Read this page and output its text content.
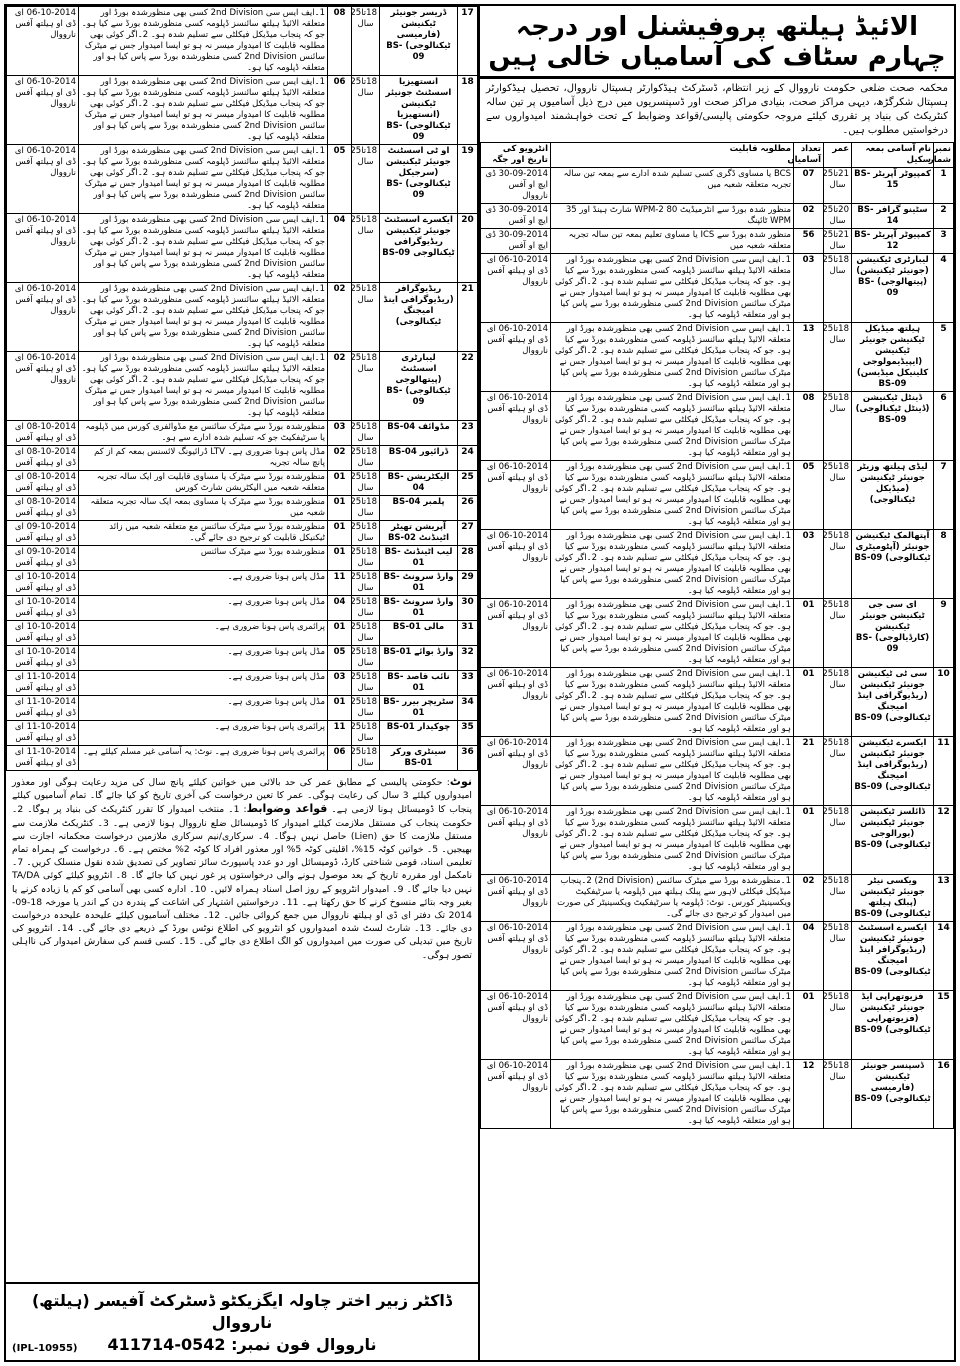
الائیڈ ہیلتھ پروفیشنل اور درجہ چہارم سٹاف کی آسامیاں خالی ہیں
محکمہ صحت ضلعی حکومت نارووال کے زیر انتظام، ڈسٹرکٹ ہیڈکوارٹر ہسپتال نارووال، تحصیل ہیڈکوارٹر ہسپتال شکرگڑھ، دیہی مراکز صحت، بنیادی مراکز صحت اور ڈسپنسریوں میں درج ذیل آسامیوں پر تین سالہ کنٹریکٹ کی بنیاد پر تقرری کیلئے مروجہ حکومتی پالیسی/قواعد وضوابط کے تحت خواہشمند امیدواروں سے درخواستیں مطلوب ہیں۔
نمبر شمار	نام آسامی بمعہ سکیل	عمر	تعداد آسامیاں	مطلوبہ قابلیت	انٹرویو کی تاریخ اور جگہ
1	کمپیوٹر آپریٹر BS-15	21تا25 سال	07	BCS یا مساوی ڈگری کسی تسلیم شدہ ادارے سے بمعہ تین سالہ تجربہ متعلقہ شعبہ میں	30-09-2014 ڈی ایچ او آفس نارووال
2	سٹینو گرافر BS-14	20تا25 سال	02	منظور شدہ بورڈ سے انٹرمیڈیٹ 80 WPM-2 شارٹ ہینڈ اور 35 WPM ٹائپنگ	30-09-2014 ڈی ایچ او آفس
3	کمپیوٹر آپریٹر BS-12	21تا25 سال	56	منظور شدہ بورڈ سے ICS یا مساوی تعلیم بمعہ تین سالہ تجربہ متعلقہ شعبہ میں	30-09-2014 ڈی ایچ او آفس
4	لیبارٹری ٹیکنیشن (جونیئر ٹیکنیشن) (پیتھالوجی) BS-09	18تا25 سال	03	1۔ایف ایس سی 2nd Division کسی بھی منظورشدہ بورڈ اور متعلقہ الائیڈ ہیلتھ سائنسز ڈپلومہ کسی منظورشدہ بورڈ سے کیا ہو۔ جو کہ پنجاب میڈیکل فیکلٹی سے تسلیم شدہ ہو۔ 2۔اگر کوئی بھی مطلوبہ قابلیت کا امیدوار میسر نہ ہو تو ایسا امیدوار جس نے میٹرک سائنس 2nd Division کسی منظورشدہ بورڈ سے پاس کیا ہو اور متعلقہ ڈپلومہ کیا ہو۔	06-10-2014 ای ڈی او ہیلتھ آفس نارووال
5	ہیلتھ میڈیکل ٹیکنیشن جونیئر ٹیکنیشن (ایپیڈیمولوجی کلینیکل میڈیسن) BS-09	18تا25 سال	13	1۔ایف ایس سی 2nd Division کسی بھی منظورشدہ بورڈ اور متعلقہ الائیڈ ہیلتھ سائنسز ڈپلومہ کسی منظورشدہ بورڈ سے کیا ہو۔ جو کہ پنجاب میڈیکل فیکلٹی سے تسلیم شدہ ہو۔ 2۔اگر کوئی بھی مطلوبہ قابلیت کا امیدوار میسر نہ ہو تو ایسا امیدوار جس نے میٹرک سائنس 2nd Division کسی منظورشدہ بورڈ سے پاس کیا ہو اور متعلقہ ڈپلومہ کیا ہو۔	06-10-2014 ای ڈی او ہیلتھ آفس نارووال
6	ڈینٹل ٹیکنیشن (ڈینٹل ٹیکنالوجی) BS-09	18تا25 سال	08	1۔ایف ایس سی 2nd Division کسی بھی منظورشدہ بورڈ اور متعلقہ الائیڈ ہیلتھ سائنسز ڈپلومہ کسی منظورشدہ بورڈ سے کیا ہو۔ جو کہ پنجاب میڈیکل فیکلٹی سے تسلیم شدہ ہو۔ 2۔اگر کوئی بھی مطلوبہ قابلیت کا امیدوار میسر نہ ہو تو ایسا امیدوار جس نے میٹرک سائنس 2nd Division کسی منظورشدہ بورڈ سے پاس کیا ہو اور متعلقہ ڈپلومہ کیا ہو۔	06-10-2014 ای ڈی او ہیلتھ آفس نارووال
7	لیڈی ہیلتھ وزیٹر جونیئر ٹیکنیشن (میڈیکل ٹیکنالوجی)	18تا25 سال	05	1۔ایف ایس سی 2nd Division کسی بھی منظورشدہ بورڈ اور متعلقہ الائیڈ ہیلتھ سائنسز ڈپلومہ کسی منظورشدہ بورڈ سے کیا ہو۔ جو کہ پنجاب میڈیکل فیکلٹی سے تسلیم شدہ ہو۔ 2۔اگر کوئی بھی مطلوبہ قابلیت کا امیدوار میسر نہ ہو تو ایسا امیدوار جس نے میٹرک سائنس 2nd Division کسی منظورشدہ بورڈ سے پاس کیا ہو اور متعلقہ ڈپلومہ کیا ہو۔	06-10-2014 ای ڈی او ہیلتھ آفس نارووال
8	آپتھالمک ٹیکنیشن جونیئر (آپٹومیٹری ٹیکنالوجی) BS-09	18تا25 سال	03	1۔ایف ایس سی 2nd Division کسی بھی منظورشدہ بورڈ اور متعلقہ الائیڈ ہیلتھ سائنسز ڈپلومہ کسی منظورشدہ بورڈ سے کیا ہو۔ جو کہ پنجاب میڈیکل فیکلٹی سے تسلیم شدہ ہو۔ 2۔اگر کوئی بھی مطلوبہ قابلیت کا امیدوار میسر نہ ہو تو ایسا امیدوار جس نے میٹرک سائنس 2nd Division کسی منظورشدہ بورڈ سے پاس کیا ہو اور متعلقہ ڈپلومہ کیا ہو۔	06-10-2014 ای ڈی او ہیلتھ آفس نارووال
9	ای سی جی ٹیکنیشن جونیئر ٹیکنیشن (کارڈیالوجی) BS-09	18تا25 سال	01	1۔ایف ایس سی 2nd Division کسی بھی منظورشدہ بورڈ اور متعلقہ الائیڈ ہیلتھ سائنسز ڈپلومہ کسی منظورشدہ بورڈ سے کیا ہو۔ جو کہ پنجاب میڈیکل فیکلٹی سے تسلیم شدہ ہو۔ 2۔اگر کوئی بھی مطلوبہ قابلیت کا امیدوار میسر نہ ہو تو ایسا امیدوار جس نے میٹرک سائنس 2nd Division کسی منظورشدہ بورڈ سے پاس کیا ہو اور متعلقہ ڈپلومہ کیا ہو۔	06-10-2014 ای ڈی او ہیلتھ آفس نارووال
10	سی ٹی ٹیکنیشن جونیئر ٹیکنیشن (ریڈیوگرافی اینڈ امیجنگ ٹیکنالوجی) BS-09	18تا25 سال	01	1۔ایف ایس سی 2nd Division کسی بھی منظورشدہ بورڈ اور متعلقہ الائیڈ ہیلتھ سائنسز ڈپلومہ کسی منظورشدہ بورڈ سے کیا ہو۔ جو کہ پنجاب میڈیکل فیکلٹی سے تسلیم شدہ ہو۔ 2۔اگر کوئی بھی مطلوبہ قابلیت کا امیدوار میسر نہ ہو تو ایسا امیدوار جس نے میٹرک سائنس 2nd Division کسی منظورشدہ بورڈ سے پاس کیا ہو اور متعلقہ ڈپلومہ کیا ہو۔	06-10-2014 ای ڈی او ہیلتھ آفس نارووال
11	ایکسرے ٹیکنیشن جونیئر ٹیکنیشن (ریڈیوگرافی اینڈ امیجنگ ٹیکنالوجی) BS-09	18تا25 سال	21	1۔ایف ایس سی 2nd Division کسی بھی منظورشدہ بورڈ اور متعلقہ الائیڈ ہیلتھ سائنسز ڈپلومہ کسی منظورشدہ بورڈ سے کیا ہو۔ جو کہ پنجاب میڈیکل فیکلٹی سے تسلیم شدہ ہو۔ 2۔اگر کوئی بھی مطلوبہ قابلیت کا امیدوار میسر نہ ہو تو ایسا امیدوار جس نے میٹرک سائنس 2nd Division کسی منظورشدہ بورڈ سے پاس کیا ہو اور متعلقہ ڈپلومہ کیا ہو۔	06-10-2014 ای ڈی او ہیلتھ آفس نارووال
12	ڈائلسز ٹیکنیشن جونیئر ٹیکنیشن (یورالوجی ٹیکنالوجی) BS-09	18تا25 سال	01	1۔ایف ایس سی 2nd Division کسی بھی منظورشدہ بورڈ اور متعلقہ الائیڈ ہیلتھ سائنسز ڈپلومہ کسی منظورشدہ بورڈ سے کیا ہو۔ جو کہ پنجاب میڈیکل فیکلٹی سے تسلیم شدہ ہو۔ 2۔اگر کوئی بھی مطلوبہ قابلیت کا امیدوار میسر نہ ہو تو ایسا امیدوار جس نے میٹرک سائنس 2nd Division کسی منظورشدہ بورڈ سے پاس کیا ہو اور متعلقہ ڈپلومہ کیا ہو۔	06-10-2014 ای ڈی او ہیلتھ آفس نارووال
13	ویکسی نیٹر جونیئر ٹیکنیشن (پبلک ہیلتھ ٹیکنالوجی) BS-09	18تا25 سال	02	1۔منظورشدہ بورڈ سے میٹرک سائنس (2nd Division) 2۔پنجاب میڈیکل فیکلٹی لاہور سے پبلک ہیلتھ میں ڈپلومہ یا سرٹیفکیٹ ویکسینیٹر کورس۔ نوٹ: ڈپلومہ یا سرٹیفکیٹ ویکسینیٹر کی صورت میں امیدوار کو ترجیح دی جائے گی۔	06-10-2014 ای ڈی او ہیلتھ آفس نارووال
14	ایکسرے اسسٹنٹ جونیئر ٹیکنیشن (ریڈیوگرافر اینڈ امیجنگ ٹیکنالوجی) BS-09	18تا25 سال	04	1۔ایف ایس سی 2nd Division کسی بھی منظورشدہ بورڈ اور متعلقہ الائیڈ ہیلتھ سائنسز ڈپلومہ کسی منظورشدہ بورڈ سے کیا ہو۔ جو کہ پنجاب میڈیکل فیکلٹی سے تسلیم شدہ ہو۔ 2۔اگر کوئی بھی مطلوبہ قابلیت کا امیدوار میسر نہ ہو تو ایسا امیدوار جس نے میٹرک سائنس 2nd Division کسی منظورشدہ بورڈ سے پاس کیا ہو اور متعلقہ ڈپلومہ کیا ہو۔	06-10-2014 ای ڈی او ہیلتھ آفس نارووال
15	فزیوتھراپی ایڈ جونیئر ٹیکنیشن (فزیوتھراپی ٹیکنالوجی) BS-09	18تا25 سال	01	1۔ایف ایس سی 2nd Division کسی بھی منظورشدہ بورڈ اور متعلقہ الائیڈ ہیلتھ سائنسز ڈپلومہ کسی منظورشدہ بورڈ سے کیا ہو۔ جو کہ پنجاب میڈیکل فیکلٹی سے تسلیم شدہ ہو۔ 2۔اگر کوئی بھی مطلوبہ قابلیت کا امیدوار میسر نہ ہو تو ایسا امیدوار جس نے میٹرک سائنس 2nd Division کسی منظورشدہ بورڈ سے پاس کیا ہو اور متعلقہ ڈپلومہ کیا ہو۔	06-10-2014 ای ڈی او ہیلتھ آفس نارووال
16	ڈسپنسر جونیئر ٹیکنیشن (فارمیسی ٹیکنالوجی) BS-09	18تا25 سال	12	1۔ایف ایس سی 2nd Division کسی بھی منظورشدہ بورڈ اور متعلقہ الائیڈ ہیلتھ سائنسز ڈپلومہ کسی منظورشدہ بورڈ سے کیا ہو۔ جو کہ پنجاب میڈیکل فیکلٹی سے تسلیم شدہ ہو۔ 2۔اگر کوئی بھی مطلوبہ قابلیت کا امیدوار میسر نہ ہو تو ایسا امیدوار جس نے میٹرک سائنس 2nd Division کسی منظورشدہ بورڈ سے پاس کیا ہو اور متعلقہ ڈپلومہ کیا ہو۔	06-10-2014 ای ڈی او ہیلتھ آفس نارووال
17	ڈریسر جونیئر ٹیکنیشن (فارمیسی ٹیکنالوجی) BS-09	18تا25 سال	08	1۔ایف ایس سی 2nd Division کسی بھی منظورشدہ بورڈ اور متعلقہ الائیڈ ہیلتھ سائنسز ڈپلومہ کسی منظورشدہ بورڈ سے کیا ہو۔ جو کہ پنجاب میڈیکل فیکلٹی سے تسلیم شدہ ہو۔ 2۔اگر کوئی بھی مطلوبہ قابلیت کا امیدوار میسر نہ ہو تو ایسا امیدوار جس نے میٹرک سائنس 2nd Division کسی منظورشدہ بورڈ سے پاس کیا ہو اور متعلقہ ڈپلومہ کیا ہو۔	06-10-2014 ای ڈی او ہیلتھ آفس نارووال
18	انستھیزیا اسسٹنٹ جونیئر ٹیکنیشن (انستھیزیا ٹیکنالوجی) BS-09	18تا25 سال	06	1۔ایف ایس سی 2nd Division کسی بھی منظورشدہ بورڈ اور متعلقہ الائیڈ ہیلتھ سائنسز ڈپلومہ کسی منظورشدہ بورڈ سے کیا ہو۔ جو کہ پنجاب میڈیکل فیکلٹی سے تسلیم شدہ ہو۔ 2۔اگر کوئی بھی مطلوبہ قابلیت کا امیدوار میسر نہ ہو تو ایسا امیدوار جس نے میٹرک سائنس 2nd Division کسی منظورشدہ بورڈ سے پاس کیا ہو اور متعلقہ ڈپلومہ کیا ہو۔	06-10-2014 ای ڈی او ہیلتھ آفس نارووال
19	او ٹی اسسٹنٹ جونیئر ٹیکنیشن (سرجیکل ٹیکنالوجی) BS-09	18تا25 سال	05	1۔ایف ایس سی 2nd Division کسی بھی منظورشدہ بورڈ اور متعلقہ الائیڈ ہیلتھ سائنسز ڈپلومہ کسی منظورشدہ بورڈ سے کیا ہو۔ جو کہ پنجاب میڈیکل فیکلٹی سے تسلیم شدہ ہو۔ 2۔اگر کوئی بھی مطلوبہ قابلیت کا امیدوار میسر نہ ہو تو ایسا امیدوار جس نے میٹرک سائنس 2nd Division کسی منظورشدہ بورڈ سے پاس کیا ہو اور متعلقہ ڈپلومہ کیا ہو۔	06-10-2014 ای ڈی او ہیلتھ آفس نارووال
20	ایکسرے اسسٹنٹ جونیئر ٹیکنیشن ریڈیوگرافی ٹیکنالوجی BS-09	18تا25 سال	04	1۔ایف ایس سی 2nd Division کسی بھی منظورشدہ بورڈ اور متعلقہ الائیڈ ہیلتھ سائنسز ڈپلومہ کسی منظورشدہ بورڈ سے کیا ہو۔ جو کہ پنجاب میڈیکل فیکلٹی سے تسلیم شدہ ہو۔ 2۔اگر کوئی بھی مطلوبہ قابلیت کا امیدوار میسر نہ ہو تو ایسا امیدوار جس نے میٹرک سائنس 2nd Division کسی منظورشدہ بورڈ سے پاس کیا ہو اور متعلقہ ڈپلومہ کیا ہو۔	06-10-2014 ای ڈی او ہیلتھ آفس نارووال
21	ریڈیوگرافر (ریڈیوگرافی اینڈ امیجنگ ٹیکنالوجی)	18تا25 سال	02	1۔ایف ایس سی 2nd Division کسی بھی منظورشدہ بورڈ اور متعلقہ الائیڈ ہیلتھ سائنسز ڈپلومہ کسی منظورشدہ بورڈ سے کیا ہو۔ جو کہ پنجاب میڈیکل فیکلٹی سے تسلیم شدہ ہو۔ 2۔اگر کوئی بھی مطلوبہ قابلیت کا امیدوار میسر نہ ہو تو ایسا امیدوار جس نے میٹرک سائنس 2nd Division کسی منظورشدہ بورڈ سے پاس کیا ہو اور متعلقہ ڈپلومہ کیا ہو۔	06-10-2014 ای ڈی او ہیلتھ آفس نارووال
22	لیبارٹری اسسٹنٹ (پیتھالوجی ٹیکنالوجی) BS-09	18تا25 سال	02	1۔ایف ایس سی 2nd Division کسی بھی منظورشدہ بورڈ اور متعلقہ الائیڈ ہیلتھ سائنسز ڈپلومہ کسی منظورشدہ بورڈ سے کیا ہو۔ جو کہ پنجاب میڈیکل فیکلٹی سے تسلیم شدہ ہو۔ 2۔اگر کوئی بھی مطلوبہ قابلیت کا امیدوار میسر نہ ہو تو ایسا امیدوار جس نے میٹرک سائنس 2nd Division کسی منظورشدہ بورڈ سے پاس کیا ہو اور متعلقہ ڈپلومہ کیا ہو۔	06-10-2014 ای ڈی او ہیلتھ آفس نارووال
23	مڈوائف BS-04	18تا25 سال	03	منظورشدہ بورڈ سے میٹرک سائنس مع مڈوائفری کورس میں ڈپلومہ یا سرٹیفکیٹ جو کہ تسلیم شدہ ادارے سے ہو۔	08-10-2014 ای ڈی او ہیلتھ آفس
24	ڈرائیور BS-04	18تا25 سال	02	مڈل پاس ہونا ضروری ہے۔ LTV ڈرائیونگ لائسنس بمعہ کم از کم پانچ سالہ تجربہ	08-10-2014 ای ڈی او ہیلتھ آفس
25	الیکٹریشن BS-04	18تا25 سال	01	منظورشدہ بورڈ سے میٹرک یا مساوی قابلیت اور ایک سالہ تجربہ متعلقہ شعبہ میں الیکٹریشن شارٹ کورس	08-10-2014 ای ڈی او ہیلتھ آفس
26	پلمبر BS-04	18تا25 سال	01	منظورشدہ بورڈ سے میٹرک یا مساوی بمعہ ایک سالہ تجربہ متعلقہ شعبہ میں	08-10-2014 ای ڈی او ہیلتھ آفس
27	آپریشن تھیٹر اٹینڈنٹ BS-02	18تا25 سال	01	منظورشدہ بورڈ سے میٹرک سائنس مع متعلقہ شعبہ میں زائد ٹیکنیکل قابلیت کو ترجیح دی جائے گی۔	09-10-2014 ای ڈی او ہیلتھ آفس
28	لیب اٹینڈنٹ BS-01	18تا25 سال	01	منظورشدہ بورڈ سے میٹرک سائنس	09-10-2014 ای ڈی او ہیلتھ آفس
29	وارڈ سرونٹ BS-01	18تا25 سال	11	مڈل پاس ہونا ضروری ہے۔	10-10-2014 ای ڈی او ہیلتھ آفس
30	وارڈ سرونٹ BS-01	18تا25 سال	04	مڈل پاس ہونا ضروری ہے۔	10-10-2014 ای ڈی او ہیلتھ آفس
31	مالی BS-01	18تا25 سال	01	پرائمری پاس ہونا ضروری ہے۔	10-10-2014 ای ڈی او ہیلتھ آفس
32	وارڈ بوائے BS-01	18تا25 سال	05	مڈل پاس ہونا ضروری ہے۔	10-10-2014 ای ڈی او ہیلتھ آفس
33	نائب قاصد BS-01	18تا25 سال	03	مڈل پاس ہونا ضروری ہے۔	11-10-2014 ای ڈی او ہیلتھ آفس
34	سٹریچر بیرر BS-01	18تا25 سال	01	مڈل پاس ہونا ضروری ہے۔	11-10-2014 ای ڈی او ہیلتھ آفس
35	چوکیدار BS-01	18تا25 سال	11	پرائمری پاس ہونا ضروری ہے۔	11-10-2014 ای ڈی او ہیلتھ آفس
36	سینٹری ورکر BS-01	18تا25 سال	06	پرائمری پاس ہونا ضروری ہے۔ نوٹ: یہ آسامی غیر مسلم کیلئے ہے۔	11-10-2014 ای ڈی او ہیلتھ آفس
نوٹ: حکومتی پالیسی کے مطابق عمر کی حد بالائی میں خواتین کیلئے پانچ سال کی مزید رعایت ہوگی اور معذور امیدواروں کیلئے 3 سال کی رعایت ہوگی۔ عمر کا تعین درخواست کی آخری تاریخ کو کیا جائے گا۔ تمام آسامیوں کیلئے پنجاب کا ڈومیسائل ہونا لازمی ہے۔ قواعد وضوابط: 1۔ منتخب امیدوار کا تقرر کنٹریکٹ کی بنیاد پر ہوگا۔ 2۔ حکومت پنجاب کی مستقل ملازمت کیلئے امیدوار کا ڈومیسائل ضلع نارووال ہونا لازمی ہے۔ 3۔ کنٹریکٹ ملازمت سے مستقل ملازمت کا حق (Lien) حاصل نہیں ہوگا۔ 4۔ سرکاری/نیم سرکاری ملازمین درخواست محکمانہ اجازت سے بھیجیں۔ 5۔ خواتین کوٹہ 15%، اقلیتی کوٹہ 5% اور معذور افراد کا کوٹہ 2% مختص ہے۔ 6۔ درخواست کے ہمراہ تمام تعلیمی اسناد، قومی شناختی کارڈ، ڈومیسائل اور دو عدد پاسپورٹ سائز تصاویر کی تصدیق شدہ نقول منسلک کریں۔ 7۔ نامکمل اور مقررہ تاریخ کے بعد موصول ہونے والی درخواستوں پر غور نہیں کیا جائے گا۔ 8۔ انٹرویو کیلئے کوئی TA/DA نہیں دیا جائے گا۔ 9۔ امیدوار انٹرویو کے روز اصل اسناد ہمراہ لائیں۔ 10۔ ادارہ کسی بھی آسامی کو کم یا زیادہ کرنے یا بغیر وجہ بتائے منسوخ کرنے کا حق رکھتا ہے۔ 11۔ درخواستیں اشتہار کی اشاعت کے پندرہ دن کے اندر یا مورخہ 18-09-2014 تک دفتر ای ڈی او ہیلتھ نارووال میں جمع کروائی جائیں۔ 12۔ مختلف آسامیوں کیلئے علیحدہ علیحدہ درخواست دی جائے۔ 13۔ شارٹ لسٹ شدہ امیدواروں کو انٹرویو کی اطلاع نوٹس بورڈ کے ذریعے دی جائے گی۔ 14۔ انٹرویو کی تاریخ میں تبدیلی کی صورت میں امیدواروں کو الگ اطلاع دی جائے گی۔ 15۔ کسی قسم کی سفارش امیدوار کی نااہلی تصور ہوگی۔
ڈاکٹر زبیر اختر چاولہ ایگزیکٹو ڈسٹرکٹ آفیسر (ہیلتھ) نارووال
نارووال فون نمبر: 0542-411714
(IPL-10955)
